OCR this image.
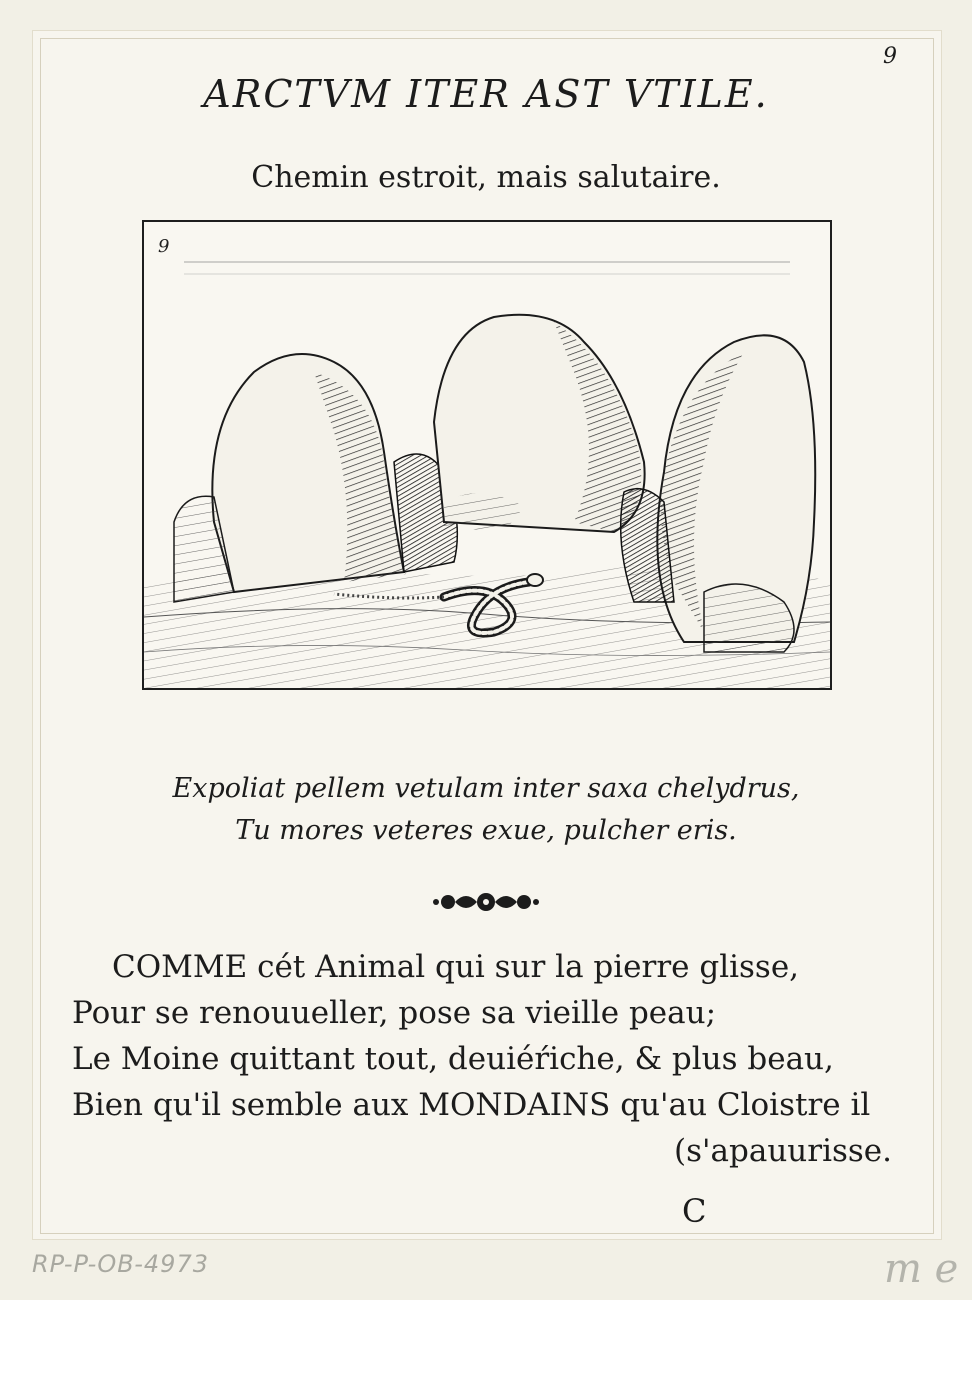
9
ARCTVM ITER AST VTILE.
Chemin estroit, mais salutaire.
9
Expoliat pellem vetulam inter saxa chelydrus,
Tu mores veteres exue, pulcher eris.
COMME cét Animal qui sur la pierre glisse,
Pour se renouueller, pose sa vieille peau;
Le Moine quittant tout, deuiéŕiche, & plus beau,
Bien qu'il semble aux MONDAINS qu'au Cloistre il
(s'apauurisse.
C
RP-P-OB-4973	m e
